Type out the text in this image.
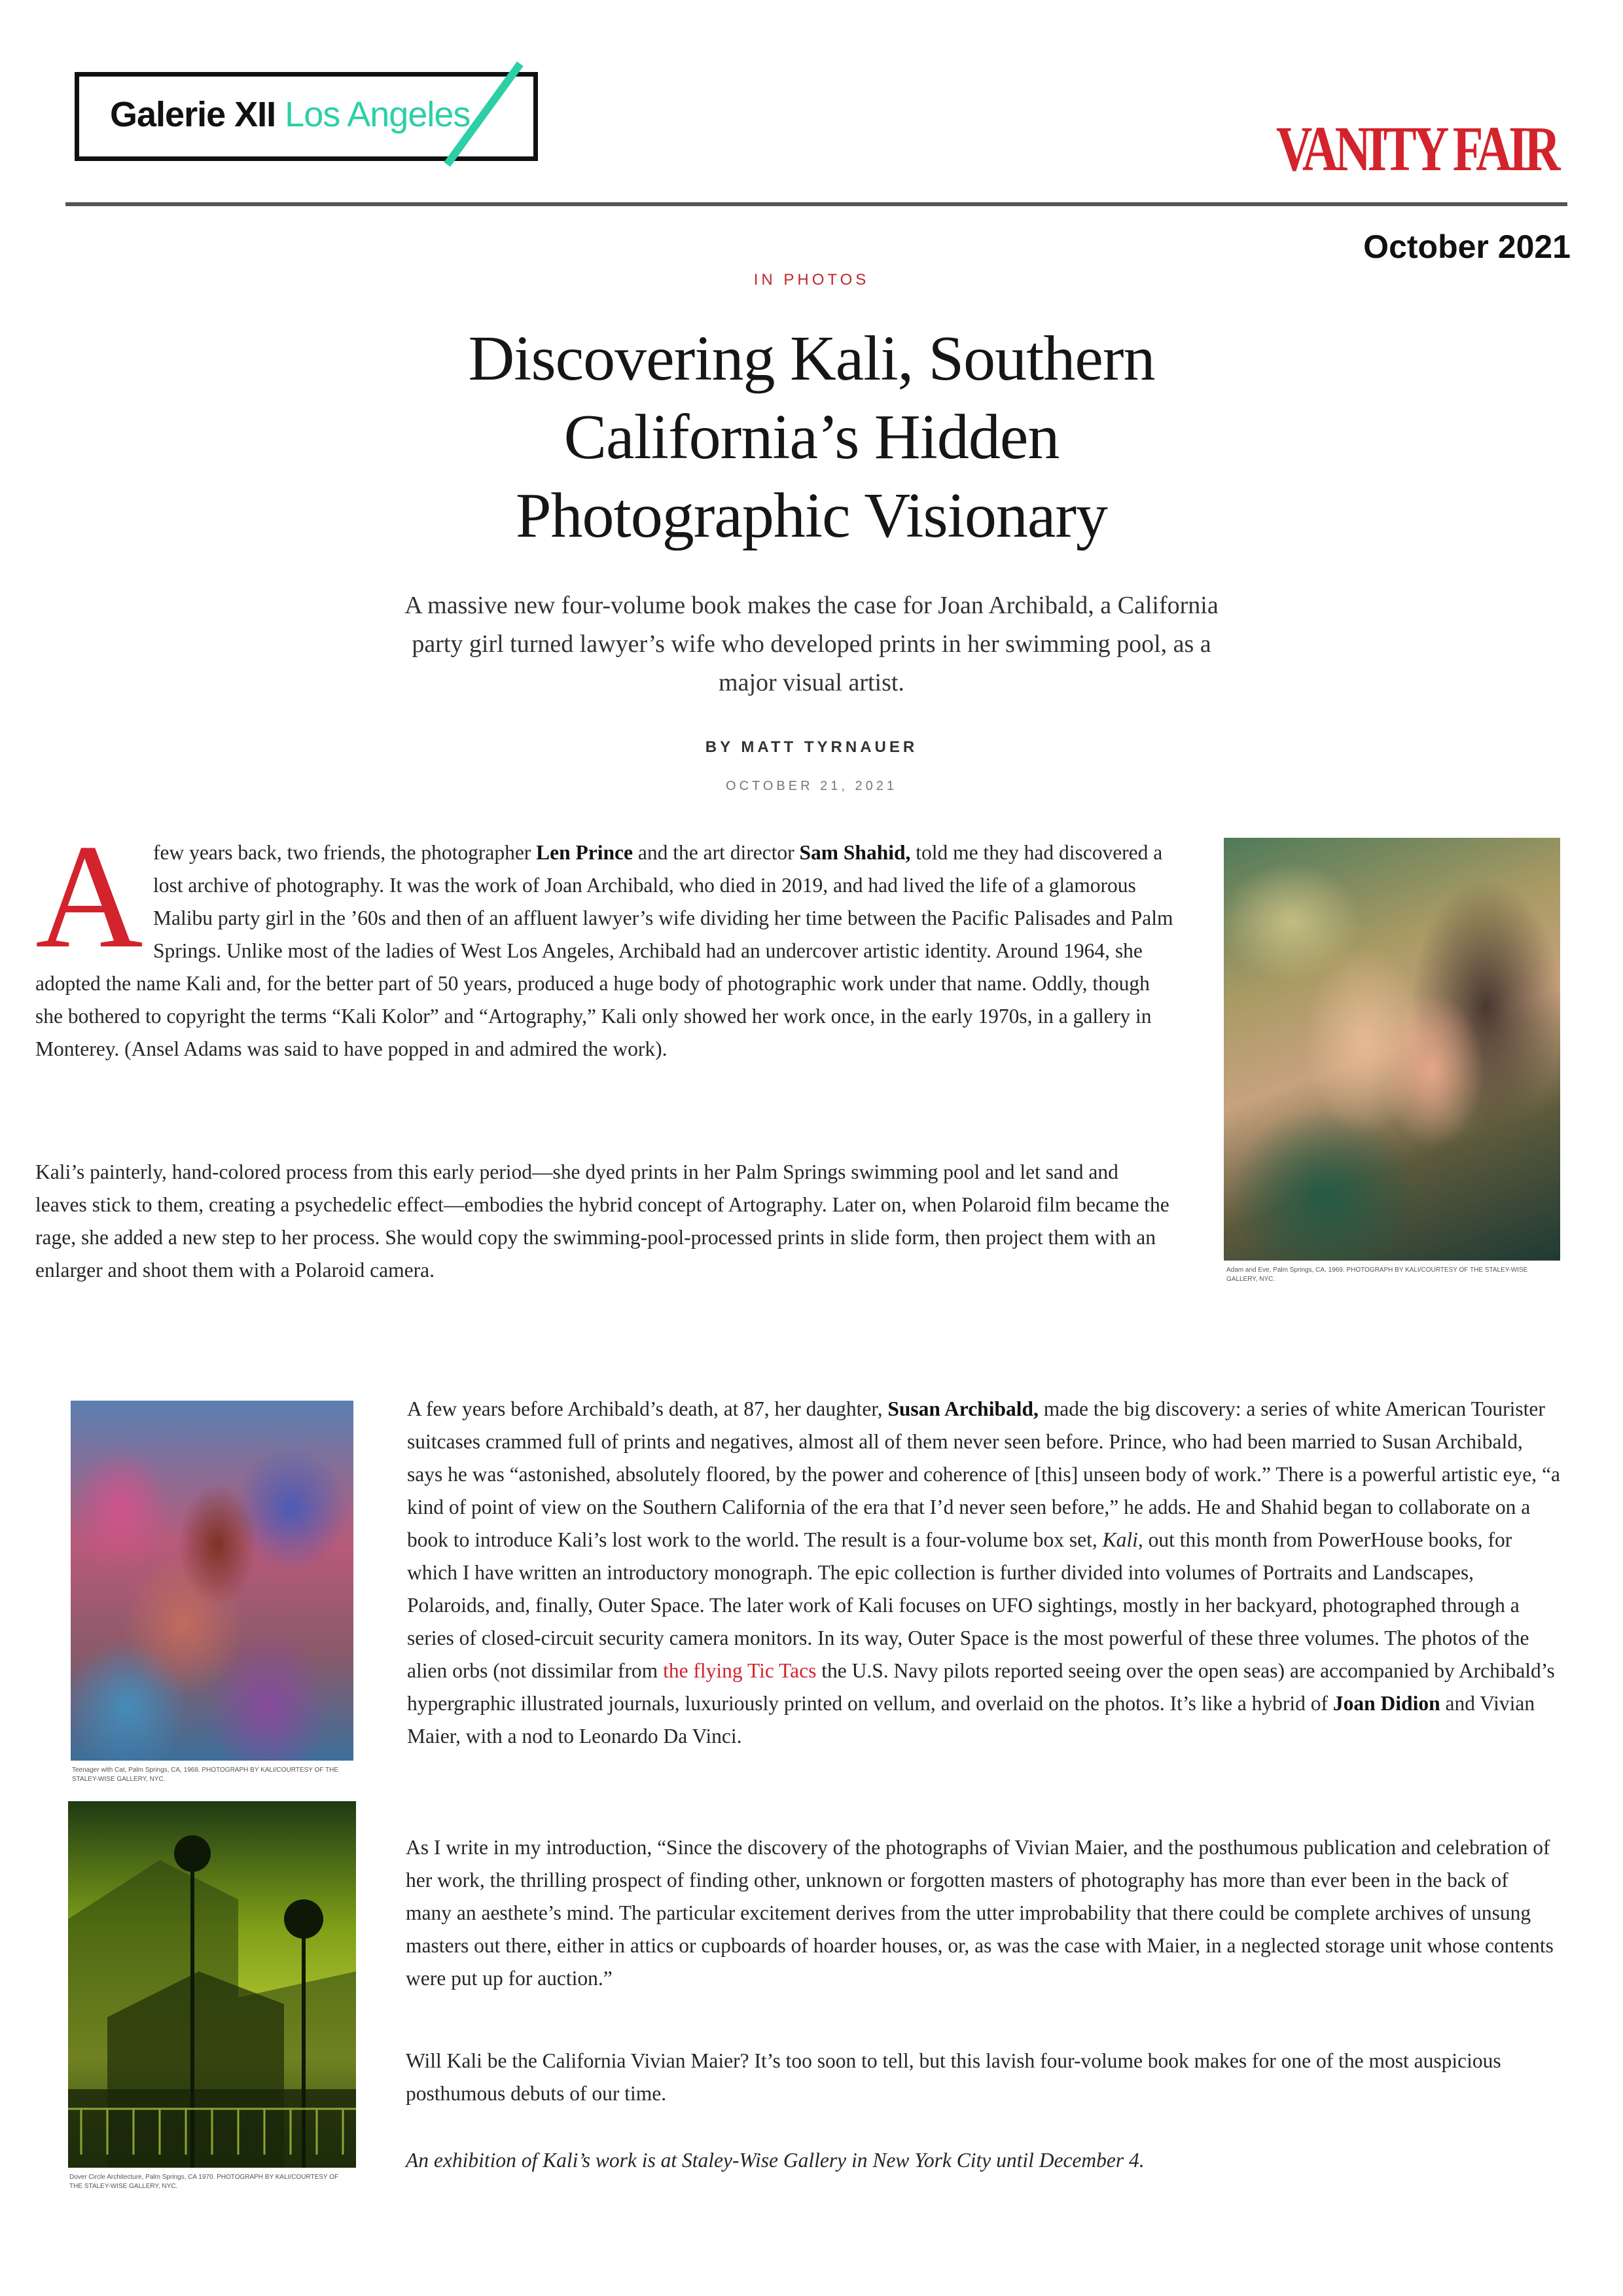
Galerie XII Los Angeles	VANITY FAIR
October 2021
IN PHOTOS
Discovering Kali, Southern
California’s Hidden
Photographic Visionary
A massive new four-volume book makes the case for Joan Archibald, a California party girl turned lawyer’s wife who developed prints in her swimming pool, as a major visual artist.
BY MATT TYRNAUER
OCTOBER 21, 2021
Adam and Eve, Palm Springs, CA, 1969. PHOTOGRAPH BY KALI/COURTESY OF THE STALEY-WISE GALLERY, NYC.
A few years back, two friends, the photographer Len Prince and the art director Sam Shahid, told me they had discovered a lost archive of photography. It was the work of Joan Archibald, who died in 2019, and had lived the life of a glamorous Malibu party girl in the ’60s and then of an affluent lawyer’s wife dividing her time between the Pacific Palisades and Palm Springs. Unlike most of the ladies of West Los Angeles, Archibald had an undercover artistic identity. Around 1964, she adopted the name Kali and, for the better part of 50 years, produced a huge body of photographic work under that name. Oddly, though she bothered to copyright the terms “Kali Kolor” and “Artography,” Kali only showed her work once, in the early 1970s, in a gallery in Monterey. (Ansel Adams was said to have popped in and admired the work).
Kali’s painterly, hand-colored process from this early period—she dyed prints in her Palm Springs swimming pool and let sand and leaves stick to them, creating a psychedelic effect—embodies the hybrid concept of Artography. Later on, when Polaroid film became the rage, she added a new step to her process. She would copy the swimming-pool-processed prints in slide form, then project them with an enlarger and shoot them with a Polaroid camera.
Teenager with Cat, Palm Springs, CA, 1968. PHOTOGRAPH BY KALI/COURTESY OF THE STALEY-WISE GALLERY, NYC.
A few years before Archibald’s death, at 87, her daughter, Susan Archibald, made the big discovery: a series of white American Tourister suitcases crammed full of prints and negatives, almost all of them never seen before. Prince, who had been married to Susan Archibald, says he was “astonished, absolutely floored, by the power and coherence of [this] unseen body of work.” There is a powerful artistic eye, “a kind of point of view on the Southern California of the era that I’d never seen before,” he adds. He and Shahid began to collaborate on a book to introduce Kali’s lost work to the world. The result is a four-volume box set, Kali, out this month from PowerHouse books, for which I have written an introductory monograph. The epic collection is further divided into volumes of Portraits and Landscapes, Polaroids, and, finally, Outer Space. The later work of Kali focuses on UFO sightings, mostly in her backyard, photographed through a series of closed-circuit security camera monitors. In its way, Outer Space is the most powerful of these three volumes. The photos of the alien orbs (not dissimilar from the flying Tic Tacs the U.S. Navy pilots reported seeing over the open seas) are accompanied by Archibald’s hypergraphic illustrated journals, luxuriously printed on vellum, and overlaid on the photos. It’s like a hybrid of Joan Didion and Vivian Maier, with a nod to Leonardo Da Vinci.
Dover Circle Architecture, Palm Springs, CA 1970. PHOTOGRAPH BY KALI/COURTESY OF THE STALEY-WISE GALLERY, NYC.
As I write in my introduction, “Since the discovery of the photographs of Vivian Maier, and the posthumous publication and celebration of her work, the thrilling prospect of finding other, unknown or forgotten masters of photography has more than ever been in the back of many an aesthete’s mind. The particular excitement derives from the utter improbability that there could be complete archives of unsung masters out there, either in attics or cupboards of hoarder houses, or, as was the case with Maier, in a neglected storage unit whose contents were put up for auction.”
Will Kali be the California Vivian Maier? It’s too soon to tell, but this lavish four-volume book makes for one of the most auspicious posthumous debuts of our time.
An exhibition of Kali’s work is at Staley-Wise Gallery in New York City until December 4.
